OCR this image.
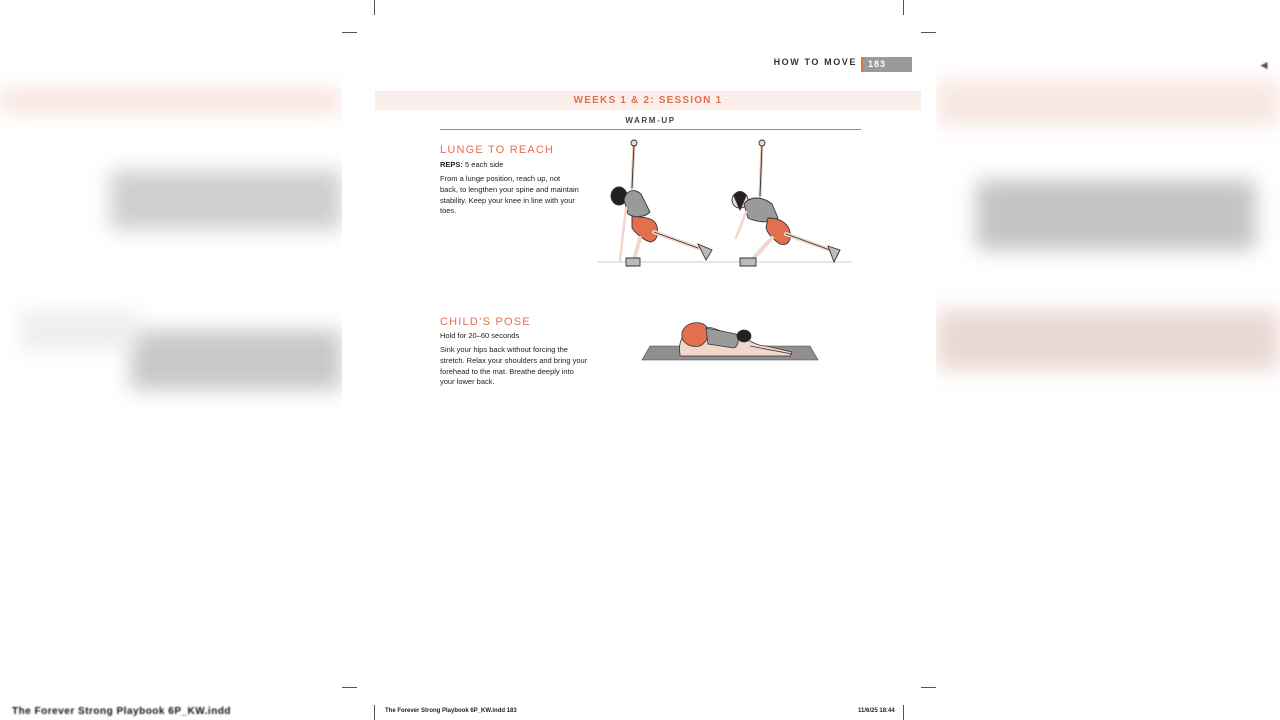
◄
The Forever Strong Playbook 6P_KW.indd
HOW TO MOVE	183
WEEKS 1 & 2: SESSION 1
WARM-UP
LUNGE TO REACH
REPS: 5 each side
From a lunge position, reach up, not back, to lengthen your spine and maintain stability. Keep your knee in line with your toes.
CHILD’S POSE
Hold for 20–60 seconds
Sink your hips back without forcing the stretch. Relax your shoulders and bring your forehead to the mat. Breathe deeply into your lower back.
The Forever Strong Playbook 6P_KW.indd 183	11/6/25 18:44
